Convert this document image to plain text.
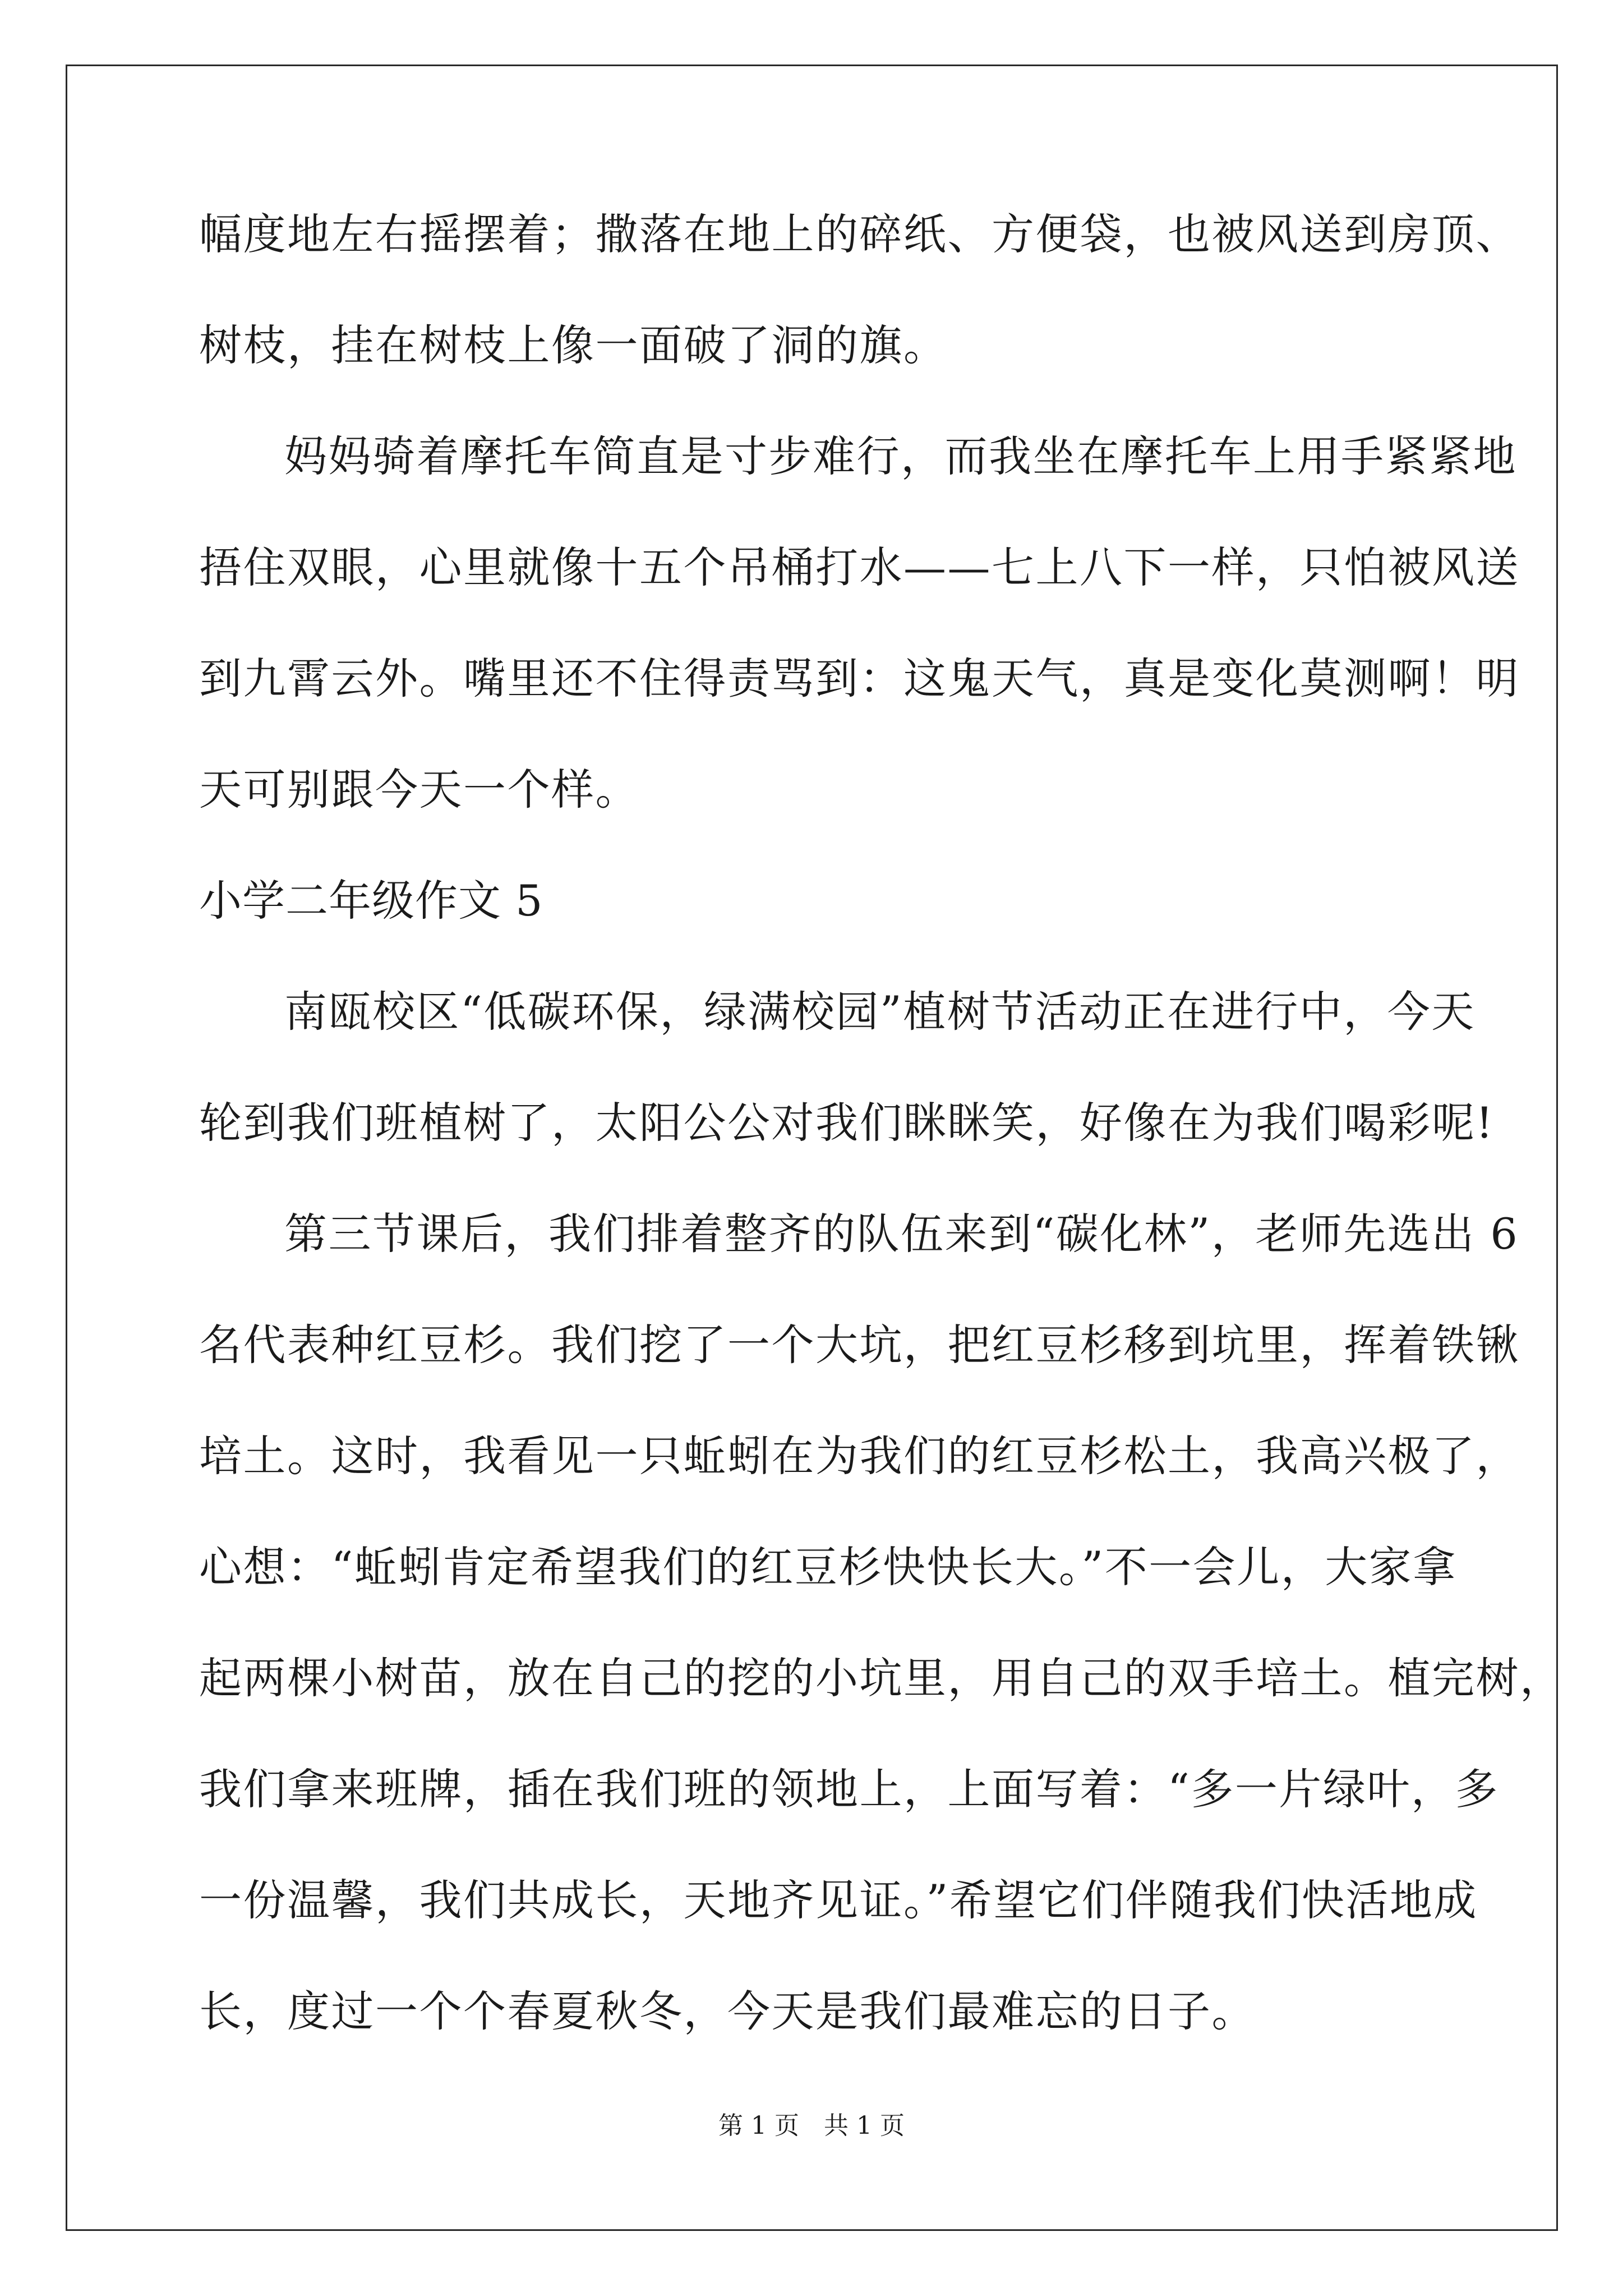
幅度地左右摇摆着；撒落在地上的碎纸、方便袋，也被风送到房顶、
树枝，挂在树枝上像一面破了洞的旗。
妈妈骑着摩托车简直是寸步难行，而我坐在摩托车上用手紧紧地
捂住双眼，心里就像十五个吊桶打水——七上八下一样，只怕被风送
到九霄云外。嘴里还不住得责骂到：这鬼天气，真是变化莫测啊！明
天可别跟今天一个样。
小学二年级作文 5
南瓯校区“低碳环保，绿满校园”植树节活动正在进行中，今天
轮到我们班植树了，太阳公公对我们眯眯笑，好像在为我们喝彩呢!
第三节课后，我们排着整齐的队伍来到“碳化林”，老师先选出 6
名代表种红豆杉。我们挖了一个大坑，把红豆杉移到坑里，挥着铁锹
培土。这时，我看见一只蚯蚓在为我们的红豆杉松土，我高兴极了，
心想：“蚯蚓肯定希望我们的红豆杉快快长大。”不一会儿，大家拿
起两棵小树苗，放在自己的挖的小坑里，用自己的双手培土。植完树，
我们拿来班牌，插在我们班的领地上，上面写着：“多一片绿叶，多
一份温馨，我们共成长，天地齐见证。”希望它们伴随我们快活地成
长，度过一个个春夏秋冬，今天是我们最难忘的日子。
第 1 页　共 1 页
